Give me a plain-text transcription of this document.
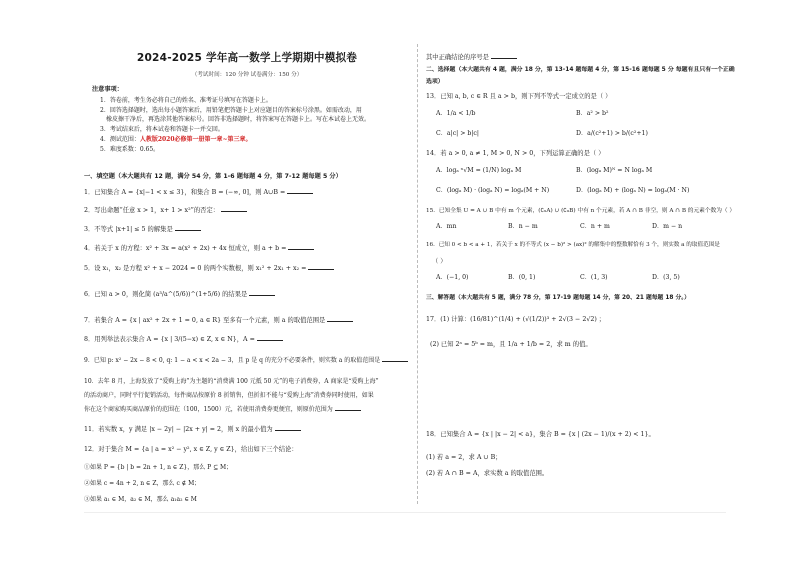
2024-2025 学年高一数学上学期期中模拟卷
（考试时间：120 分钟 试卷满分：150 分）
注意事项：
1．答卷前，考生务必将自己的姓名、准考证号填写在答题卡上。
2．回答选择题时，选出每小题答案后，用铅笔把答题卡上对应题目的答案标号涂黑。如需改动，用
橡皮擦干净后，再选涂其他答案标号。回答非选择题时，将答案写在答题卡上。写在本试卷上无效。
3．考试结束后，将本试卷和答题卡一并交回。
4．测试范围：人教版2020必修第一册第一章~第三章。
5．难度系数：0.65。
一、填空题（本大题共有 12 题，满分 54 分，第 1-6 题每题 4 分，第 7-12 题每题 5 分）
1．已知集合 A = {x|−1 < x ≤ 3}，和集合 B = (−∞, 0]，则 A∪B =
2．写出命题“任意 x > 1，x+ 1 > x²”的否定：
3．不等式 |x+1| ≤ 5 的解集是
4．若关于 x 的方程：x² + 3x = a(x² + 2x) + 4x 恒成立，则 a + b =
5．设 x₁，x₂ 是方程 x² + x − 2024 = 0 的两个实数根，则 x₁² + 2x₁ + x₂ =
6．已知 a > 0，则化简 (a³/a^(5/6))^(1+5/6) 的结果是
7．若集合 A = {x | ax² + 2x + 1 = 0, a ∈ R} 至多有一个元素，则 a 的取值范围是
8．用列举法表示集合 A = {x | 3/(5−x) ∈ Z, x ∈ N}，A =
9．已知 p: x² − 2x − 8 < 0, q: 1 − a < x < 2a − 3，且 p 是 q 的充分不必要条件，则实数 a 的取值范围是
10．去年 8 月，上海发放了“爱购上海”为主题的“消费满 100 元抵 50 元”的电子消费券，A 商家是“爱购上海”
的活动商户，同时平行促销活动，每件商品按原价 8 折销售，但折扣不能与“爱购上海”消费券同时使用，如果
你在这个商家购买商品原价的范围在（100，1500）元，若使用消费券更便宜，则原价范围为
11．若实数 x，y 满足 |x − 2y| − |2x + y| = 2，则 x 的最小值为
12．对于集合 M = {a | a = x² − y², x ∈ Z, y ∈ Z}，给出如下三个结论：
①如果 P = {b | b = 2n + 1, n ∈ Z}，那么 P ⊆ M；
②如果 c = 4n + 2, n ∈ Z，那么 c ∉ M；
③如果 a₁ ∈ M，a₂ ∈ M，那么 a₁a₂ ∈ M
其中正确结论的序号是
二、选择题（本大题共有 4 题，满分 18 分，第 13-14 题每题 4 分，第 15-16 题每题 5 分 每题有且只有一个正确
选项）
13．已知 a, b, c ∈ R 且 a > b，则下列不等式一定成立的是（ ）
A．1/a < 1/b	B．a² > b²
C．a|c| > b|c|	D．a/(c²+1) > b/(c²+1)
14．若 a > 0, a ≠ 1, M > 0, N > 0，下列运算正确的是（ ）
A．logₐ ⁿ√M = (1/N) logₐ M	B．(logₐ M)ᴺ = N logₐ M
C．(logₐ M) · (logₐ N) = logₐ(M + N)	D．(logₐ M) + (logₐ N) = logₐ(M · N)
15．已知全集 U = A ∪ B 中有 m 个元素，(∁ᵤA) ∪ (∁ᵤB) 中有 n 个元素，若 A ∩ B 非空，则 A ∩ B 的元素个数为（ ）
A．mn	B．n − m	C．n + m	D．m − n
16．已知 0 < b < a + 1，若关于 x 的不等式 (x − b)² > (ax)² 的解集中的整数解恰有 3 个，则实数 a 的取值范围是
（ ）
A．(−1, 0)	B．(0, 1)	C．(1, 3)	D．(3, 5)
三、解答题（本大题共有 5 题，满分 78 分，第 17-19 题每题 14 分，第 20、21 题每题 18 分。）
17．(1) 计算：(16/81)^(1/4) + (√(1/2))³ + 2√(3 − 2√2) ；
(2) 已知 2ᵃ = 5ᵇ = m，且 1/a + 1/b = 2，求 m 的值。
18．已知集合 A = {x | |x − 2| < a}，集合 B = {x | (2x − 1)/(x + 2) < 1}。
(1) 若 a = 2，求 A ∪ B；
(2) 若 A ∩ B = A，求实数 a 的取值范围。
